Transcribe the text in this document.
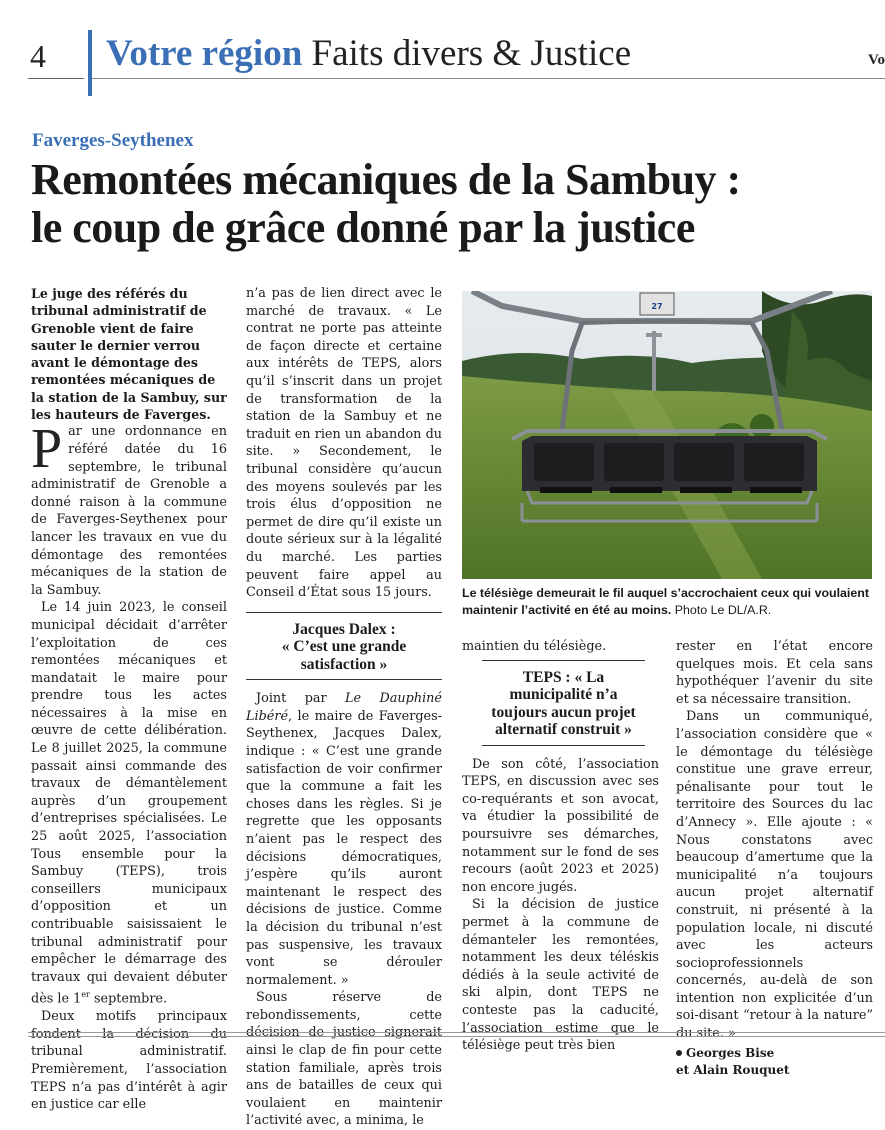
4 Votre région Faits divers & Justice	Vo
Faverges-Seythenex
Remontées mécaniques de la Sambuy :
le coup de grâce donné par la justice

Le juge des référés du tribunal administratif de Grenoble vient de faire sauter le dernier verrou avant le démontage des remontées mécaniques de la station de la Sambuy, sur les hauteurs de Faverges.

Par une ordonnance en référé datée du 16 septembre, le tribunal administratif de Grenoble a donné raison à la commune de Faverges-Seythenex pour lancer les travaux en vue du démontage des remontées mécaniques de la station de la Sambuy.

Le 14 juin 2023, le conseil municipal décidait d’arrêter l’exploitation de ces remontées mécaniques et mandatait le maire pour prendre tous les actes nécessaires à la mise en œuvre de cette délibération. Le 8 juillet 2025, la commune passait ainsi commande des travaux de démantèlement auprès d’un groupement d’entreprises spécialisées. Le 25 août 2025, l’association Tous ensemble pour la Sambuy (TEPS), trois conseillers municipaux d’opposition et un contribuable saisissaient le tribunal administratif pour empêcher le démarrage des travaux qui devaient débuter dès le 1er septembre.

Deux motifs principaux fondent la décision du tribunal administratif. Premièrement, l’association TEPS n’a pas d’intérêt à agir en justice car elle

n’a pas de lien direct avec le marché de travaux. « Le contrat ne porte pas atteinte de façon directe et certaine aux intérêts de TEPS, alors qu’il s’inscrit dans un projet de transformation de la station de la Sambuy et ne traduit en rien un abandon du site. » Secondement, le tribunal considère qu’aucun des moyens soulevés par les trois élus d’opposition ne permet de dire qu’il existe un doute sérieux sur à la légalité du marché. Les parties peuvent faire appel au Conseil d’État sous 15 jours.

Jacques Dalex :
« C’est une grande satisfaction »

Joint par Le Dauphiné Libéré, le maire de Faverges-Seythenex, Jacques Dalex, indique : « C’est une grande satisfaction de voir confirmer que la commune a fait les choses dans les règles. Si je regrette que les opposants n’aient pas le respect des décisions démocratiques, j’espère qu’ils auront maintenant le respect des décisions de justice. Comme la décision du tribunal n’est pas suspensive, les travaux vont se dérouler normalement. »

Sous réserve de rebondissements, cette décision de justice signerait ainsi le clap de fin pour cette station familiale, après trois ans de batailles de ceux qui voulaient en maintenir l’activité avec, a minima, le

27
Le télésiège demeurait le fil auquel s’accrochaient ceux qui voulaient maintenir l’activité en été au moins. Photo Le DL/A.R.

maintien du télésiège.

TEPS : « La municipalité n’a toujours aucun projet alternatif construit »

De son côté, l’association TEPS, en discussion avec ses co-requérants et son avocat, va étudier la possibilité de poursuivre ses démarches, notamment sur le fond de ses recours (août 2023 et 2025) non encore jugés.

Si la décision de justice permet à la commune de démanteler les remontées, notamment les deux téléskis dédiés à la seule activité de ski alpin, dont TEPS ne conteste pas la caducité, l’association estime que le télésiège peut très bien

rester en l’état encore quelques mois. Et cela sans hypothéquer l’avenir du site et sa nécessaire transition.

Dans un communiqué, l’association considère que « le démontage du télésiège constitue une grave erreur, pénalisante pour tout le territoire des Sources du lac d’Annecy ». Elle ajoute : « Nous constatons avec beaucoup d’amertume que la municipalité n’a toujours aucun projet alternatif construit, ni présenté à la population locale, ni discuté avec les acteurs socioprofessionnels concernés, au-delà de son intention non explicitée d’un soi-disant “retour à la nature” du site. »

Georges Bise
et Alain Rouquet
